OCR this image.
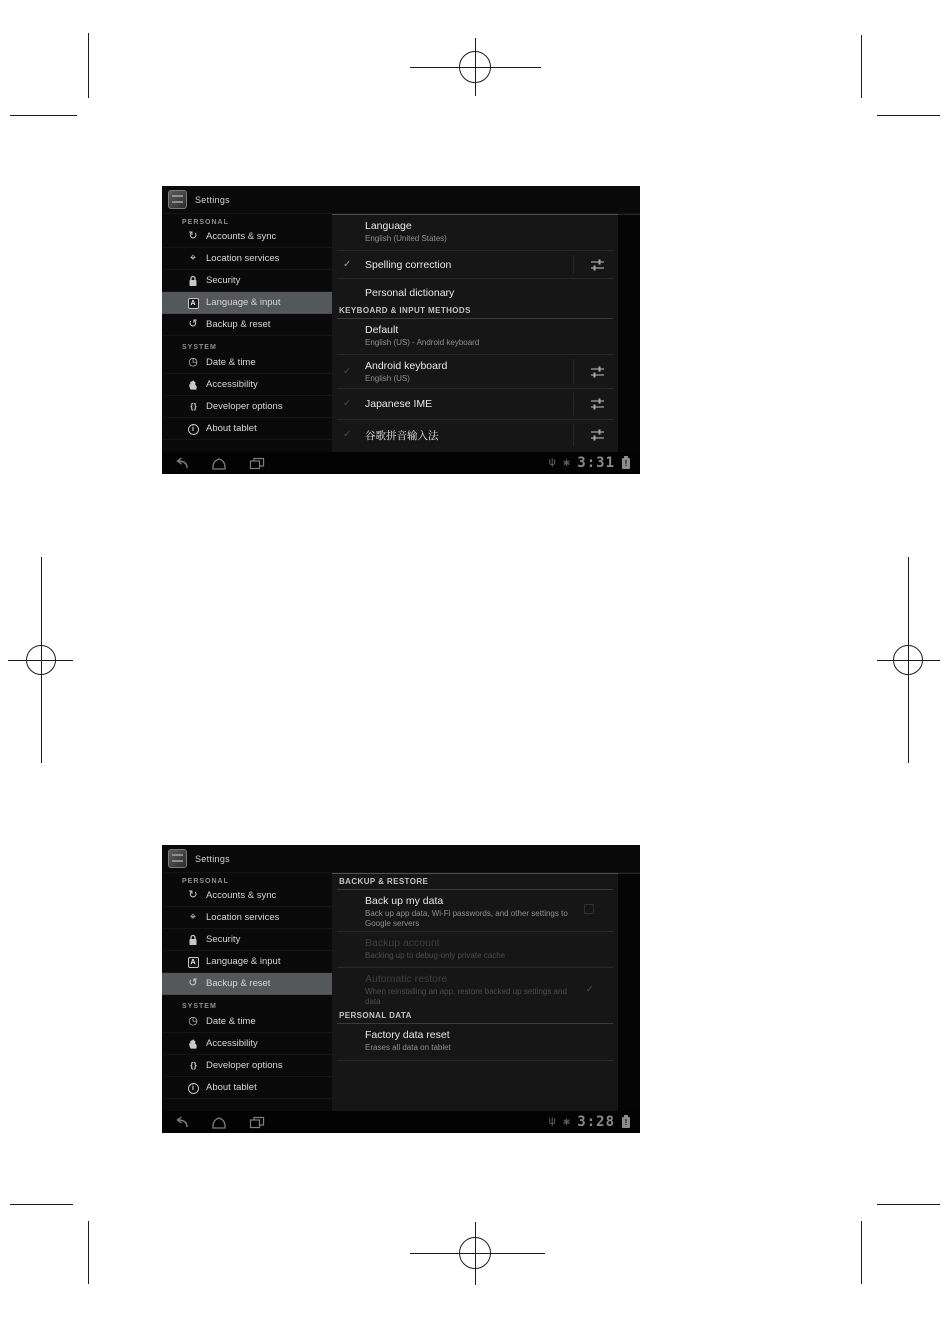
Settings
PERSONAL
↻ Accounts & sync
⌖	Location services
Security
A	Language & input
↺ Backup & reset
SYSTEM
◷ Date & time
Accessibility
{ }	Developer options
i	About tablet
Language
English (United States)
✓ Spelling correction
Personal dictionary
KEYBOARD & INPUT METHODS
Default
English (US) - Android keyboard
✓ Android keyboard
English (US)
✓ Japanese IME
✓ 谷歌拼音输入法
ψ ✱ 3:31	!
Settings
PERSONAL
↻ Accounts & sync
⌖	Location services
Security
A	Language & input
↺ Backup & reset
SYSTEM
◷ Date & time
Accessibility
{ }	Developer options
i	About tablet
BACKUP & RESTORE
Back up my data
Back up app data, Wi-Fi passwords, and other settings to Google servers
Backup account
Backing up to debug-only private cache
Automatic restore
When reinstalling an app, restore backed up settings and data
✓
PERSONAL DATA
Factory data reset
Erases all data on tablet
ψ ✱ 3:28	!
